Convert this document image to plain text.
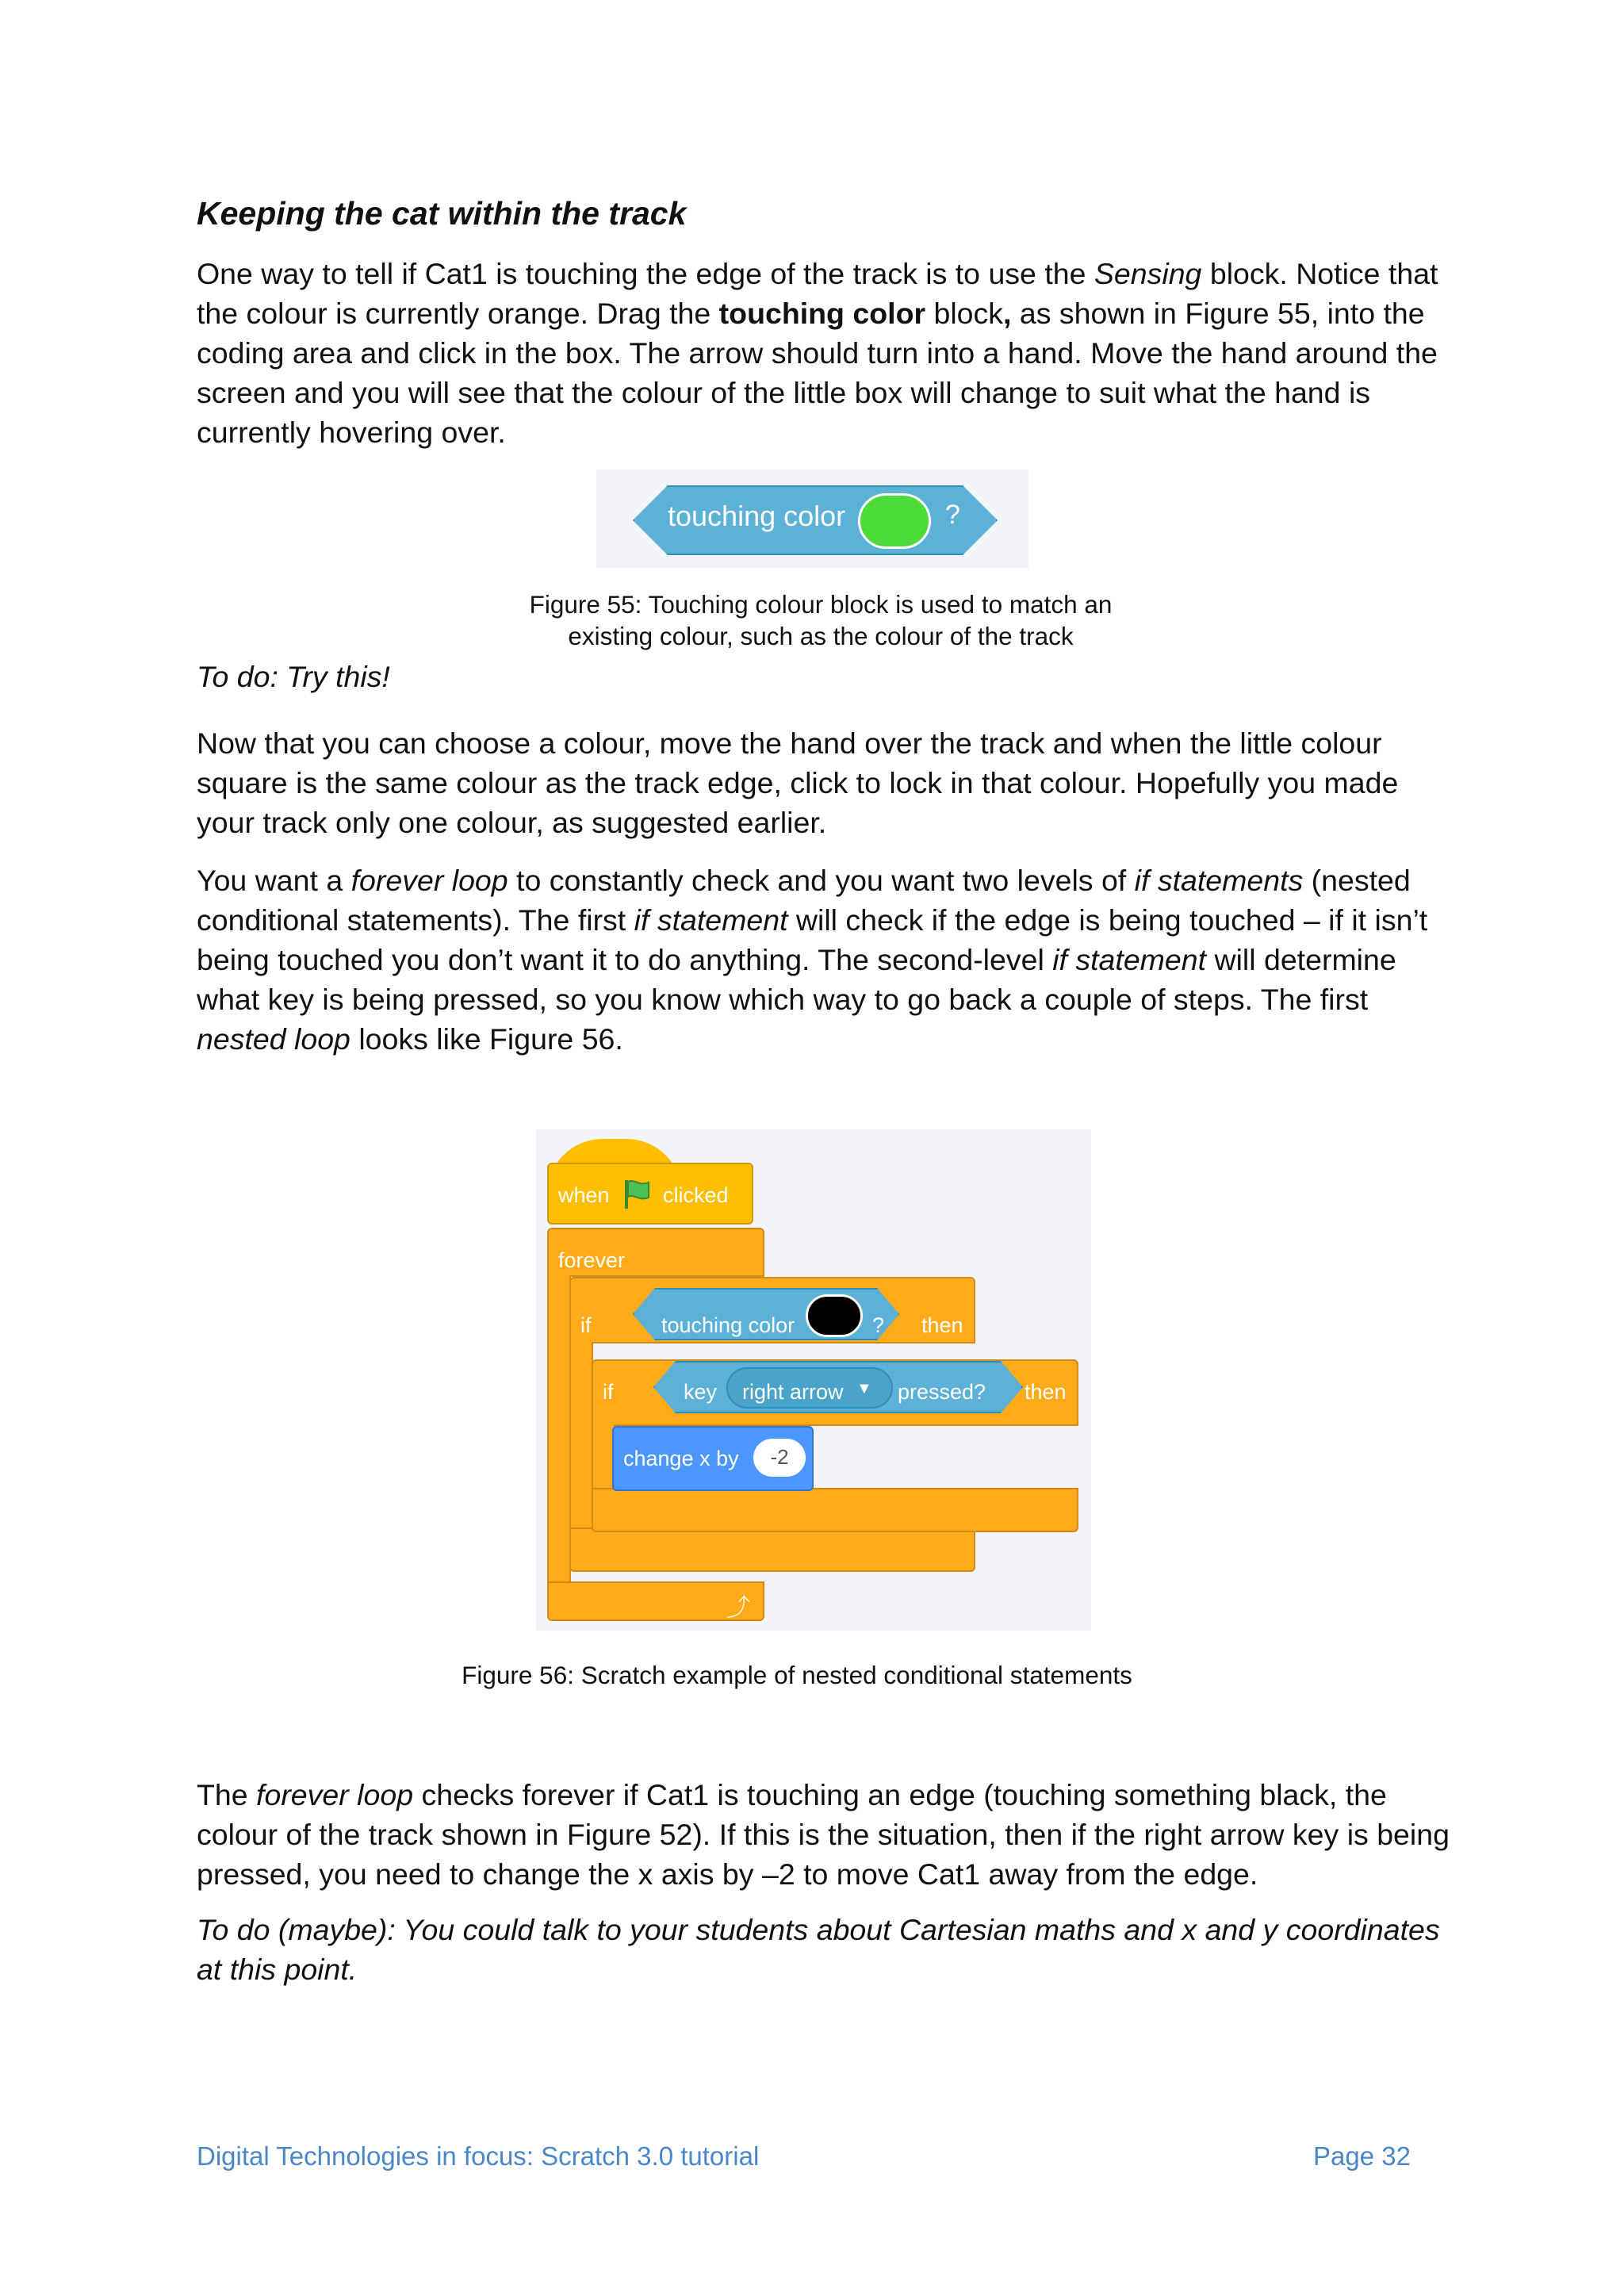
Keeping the cat within the track

One way to tell if Cat1 is touching the edge of the track is to use the Sensing block. Notice that the colour is currently orange. Drag the touching color block, as shown in Figure 55, into the coding area and click in the box. The arrow should turn into a hand. Move the hand around the screen and you will see that the colour of the little box will change to suit what the hand is currently hovering over.

touching color	?

Figure 55: Touching colour block is used to match an
existing colour, such as the colour of the track

To do: Try this!

Now that you can choose a colour, move the hand over the track and when the little colour square is the same colour as the track edge, click to lock in that colour. Hopefully you made your track only one colour, as suggested earlier.

You want a forever loop to constantly check and you want two levels of if statements (nested conditional statements). The first if statement will check if the edge is being touched – if it isn’t being touched you don’t want it to do anything. The second-level if statement will determine what key is being pressed, so you know which way to go back a couple of steps. The first nested loop looks like Figure 56.

when clicked
forever
⤴
if	touching color	? then
if	key right arrow ▼ pressed? then
change x by	-2

Figure 56: Scratch example of nested conditional statements

The forever loop checks forever if Cat1 is touching an edge (touching something black, the colour of the track shown in Figure 52). If this is the situation, then if the right arrow key is being pressed, you need to change the x axis by –2 to move Cat1 away from the edge.

To do (maybe): You could talk to your students about Cartesian maths and x and y coordinates at this point.

Digital Technologies in focus: Scratch 3.0 tutorial	Page 32
